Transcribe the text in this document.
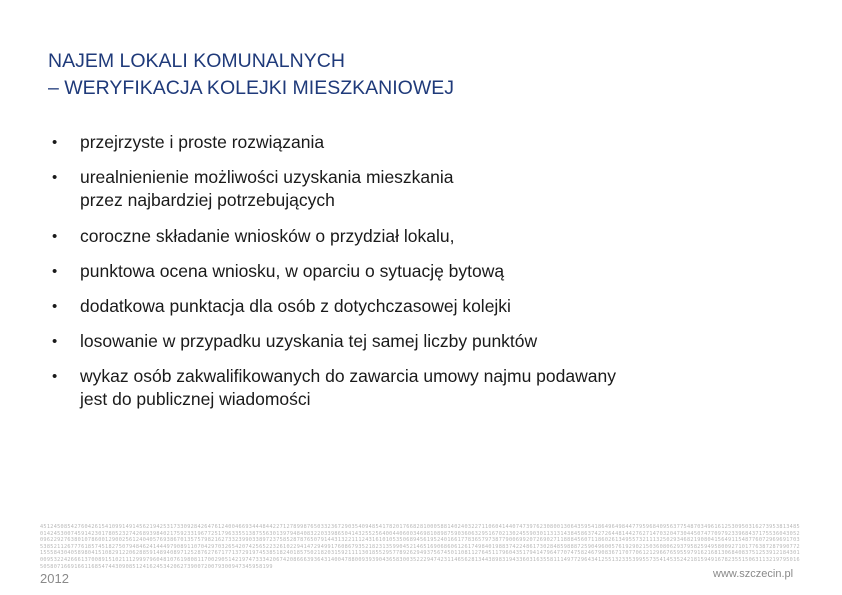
NAJEM LOKALI KOMUNALNYCH
– WERYFIKACJA KOLEJKI MIESZKANIOWEJ
•	przejrzyste i proste rozwiązania
•	urealnienienie możliwości uzyskania mieszkania
przez najbardziej potrzebujących
•	coroczne składanie wniosków o przydział lokalu,
•	punktowa ocena wniosku, w oparciu o sytuację bytową
•	dodatkowa punktacja dla osób z dotychczasowej kolejki
•	losowanie w przypadku uzyskania tej samej liczby punktów
•	wykaz osób zakwalifikowanych do zawarcia umowy najmu podawany
jest do publicznej wiadomości
45124508542760426154109914914562194253173309284264761240046693444844227127899876503323672903540948541782017668281000588140240322711060414407473976230800130643595418649649844779596840956377548703496161253095031627395381348501424530074591423017805232742689398402175923319677251796335513875563013979484083220339865041432552564004406003469810898759036063295167021302455903011313143845863742726448144276271470320473044507477097923396843717553604305209622927638010786001290025612404057693867013575798216273323990338972375852878765079144313221112431610105350689456195240166177836579738779006992072690271188845607118602613495573211132502934682190804156491154877607296969170353852112677761857451827507948462414449790891107042970326542074256522326102294147294991760867935218231359904521465169068606126174984019883742248617302848598887259049600576192902150360806293795825949580092710177638728799077215558430405898041510829122062885914894089712528762767177137291974538518240185750218203159211113018552957789262949375674501108112764511796043517941479647707475824679083671707706121296676595597916216813068408375125391218430100953224266613700891510211129997960481076198081170029051421974733342067420866639364314004788009393904365830035222947423114656281344389831943360316355811149772964341255132335399557354145352421815949167823551506311321979501650580716691661168547443090851241624534206273900720079300947345958199
2012	www.szczecin.pl
